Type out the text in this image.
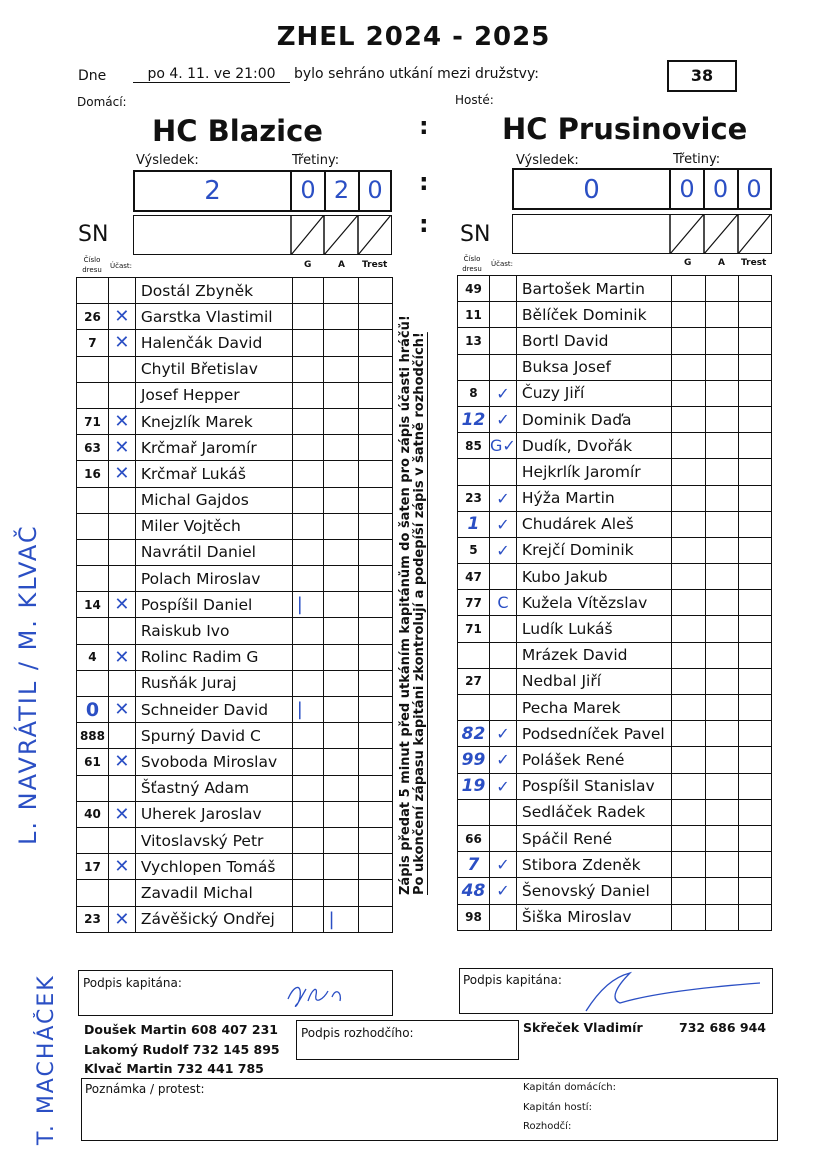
ZHEL 2024 - 2025
Dne	po 4. 11. ve 21:00	bylo sehráno utkání mezi družstvy:	38
Domácí:	Hosté:
HC Blazice	HC Prusinovice
:
:
:
Výsledek:	Třetiny:
2	0 2 0
SN
Číslo dresu	Účast:	G	A Trest
		Dostál Zbyněk			
26	✕	Garstka Vlastimil			
7	✕	Halenčák David			
		Chytil Břetislav			
		Josef Hepper			
71	✕	Knejzlík Marek			
63	✕	Krčmař Jaromír			
16	✕	Krčmař Lukáš			
		Michal Gajdos			
		Miler Vojtěch			
		Navrátil Daniel			
		Polach Miroslav			
14	✕	Pospíšil Daniel	|		
		Raiskub Ivo			
4	✕	Rolinc Radim G			
		Rusňák Juraj			
0	✕	Schneider David	|		
888		Spurný David C			
61	✕	Svoboda Miroslav			
		Šťastný Adam			
40	✕	Uherek Jaroslav			
		Vitoslavský Petr			
17	✕	Vychlopen Tomáš			
		Zavadil Michal			
23	✕	Závěšický Ondřej		|	
Zápis předat 5 minut před utkáním kapitánům do šaten pro zápis účasti hráčů! Po ukončení zápasu kapitáni zkontrolují a podepíší zápis v šatně rozhodčích!
Výsledek:	Třetiny:
0	0 0 0
SN
Číslo dresu
Účast:	G	A Trest
49		Bartošek Martin			
11		Bělíček Dominik			
13		Bortl David			
		Buksa Josef			
8	✓	Čuzy Jiří			
12	✓	Dominik Daďa			
85	G✓	Dudík, Dvořák			
		Hejkrlík Jaromír			
23	✓	Hýža Martin			
1	✓	Chudárek Aleš			
5	✓	Krejčí Dominik			
47		Kubo Jakub			
77	C	Kužela Vítězslav			
71		Ludík Lukáš			
		Mrázek David			
27		Nedbal Jiří			
		Pecha Marek			
82	✓	Podsedníček Pavel			
99	✓	Polášek René			
19	✓	Pospíšil Stanislav			
		Sedláček Radek			
66		Spáčil René			
7	✓	Stibora Zdeněk			
48	✓	Šenovský Daniel			
98		Šiška Miroslav			
Podpis kapitána:	Podpis kapitána:
Doušek Martin 608 407 231
Lakomý Rudolf 732 145 895
Klvač Martin 732 441 785
Podpis rozhodčího:	Skřeček Vladimír	732 686 944
Poznámka / protest:	Kapitán domácích:
Kapitán hostí:
Rozhodčí:
L. NAVRÁTIL / M. KLVAČ
T. MACHÁČEK
